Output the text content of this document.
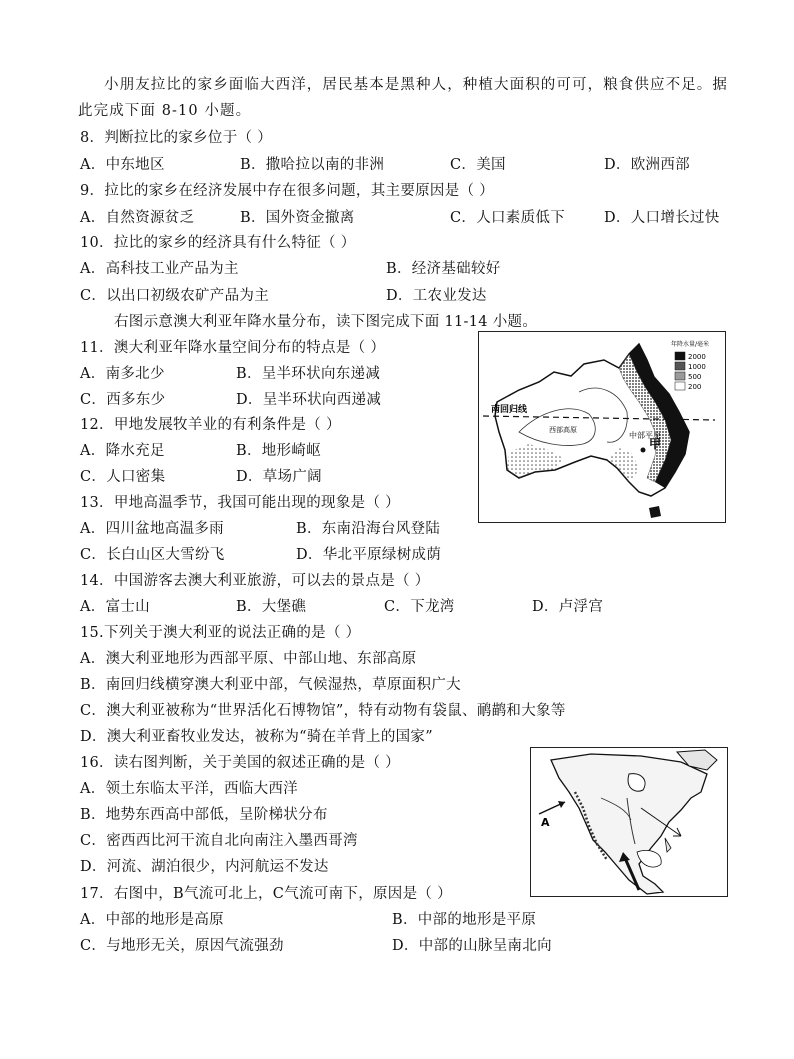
小朋友拉比的家乡面临大西洋，居民基本是黑种人，种植大面积的可可，粮食供应不足。据
此完成下面 8-10 小题。
8．判断拉比的家乡位于（ ）
A．中东地区	B．撒哈拉以南的非洲	C．美国	D．欧洲西部
9．拉比的家乡在经济发展中存在很多问题，其主要原因是（ ）
A．自然资源贫乏	B．国外资金撤离	C．人口素质低下	D．人口增长过快
10．拉比的家乡的经济具有什么特征（ ）
A．高科技工业产品为主	B．经济基础较好
C．以出口初级农矿产品为主	D．工农业发达
右图示意澳大利亚年降水量分布，读下图完成下面 11-14 小题。
11．澳大利亚年降水量空间分布的特点是（ ）
A．南多北少	B．呈半环状向东递减
C．西多东少	D．呈半环状向西递减
12．甲地发展牧羊业的有利条件是（ ）
A．降水充足	B．地形崎岖
C．人口密集	D．草场广阔
13．甲地高温季节，我国可能出现的现象是（ ）
A．四川盆地高温多雨	B．东南沿海台风登陆
C．长白山区大雪纷飞	D．华北平原绿树成荫
14．中国游客去澳大利亚旅游，可以去的景点是（ ）
A．富士山	B．大堡礁	C．下龙湾	D．卢浮宫
15.下列关于澳大利亚的说法正确的是（ ）
A．澳大利亚地形为西部平原、中部山地、东部高原
B．南回归线横穿澳大利亚中部，气候湿热，草原面积广大
C．澳大利亚被称为“世界活化石博物馆”，特有动物有袋鼠、鸸鹋和大象等
D．澳大利亚畜牧业发达，被称为“骑在羊背上的国家”
16．读右图判断，关于美国的叙述正确的是（ ）
A．领土东临太平洋，西临大西洋
B．地势东西高中部低，呈阶梯状分布
C．密西西比河干流自北向南注入墨西哥湾
D．河流、湖泊很少，内河航运不发达
17．右图中，B气流可北上，C气流可南下，原因是（ ）
A．中部的地形是高原	B．中部的地形是平原
C．与地形无关，原因气流强劲	D．中部的山脉呈南北向
南回归线
西部高原
中部平原
甲
年降水量/毫米
2000
1000
500
200
A
